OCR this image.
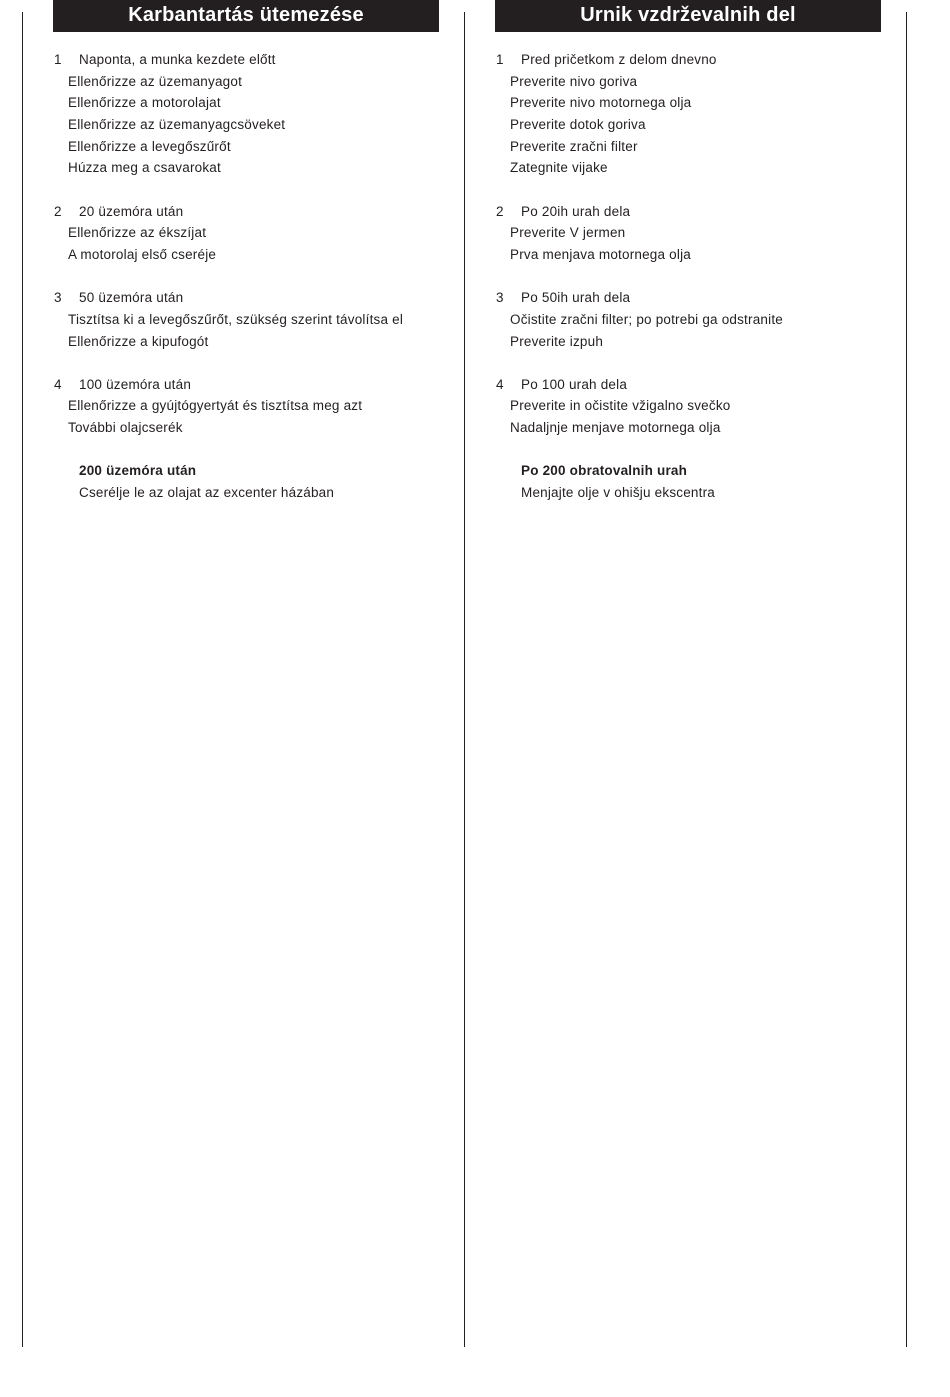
Karbantartás ütemezése
1 Naponta, a munka kezdete előtt
Ellenőrizze az üzemanyagot
Ellenőrizze a motorolajat
Ellenőrizze az üzemanyagcsöveket
Ellenőrizze a levegőszűrőt
Húzza meg a csavarokat
2 20 üzemóra után
Ellenőrizze az ékszíjat
A motorolaj első cseréje
3 50 üzemóra után
Tisztítsa ki a levegőszűrőt, szükség szerint távolítsa el
Ellenőrizze a kipufogót
4 100 üzemóra után
Ellenőrizze a gyújtógyertyát és tisztítsa meg azt
További olajcserék
200 üzemóra után
Cserélje le az olajat az excenter házában
Urnik vzdrževalnih del
1 Pred pričetkom z delom dnevno
Preverite nivo goriva
Preverite nivo motornega olja
Preverite dotok goriva
Preverite zračni filter
Zategnite vijake
2 Po 20ih urah dela
Preverite V jermen
Prva menjava motornega olja
3 Po 50ih urah dela
Očistite zračni filter; po potrebi ga odstranite
Preverite izpuh
4 Po 100 urah dela
Preverite in očistite vžigalno svečko
Nadaljnje menjave motornega olja
Po 200 obratovalnih urah
Menjajte olje v ohišju ekscentra
